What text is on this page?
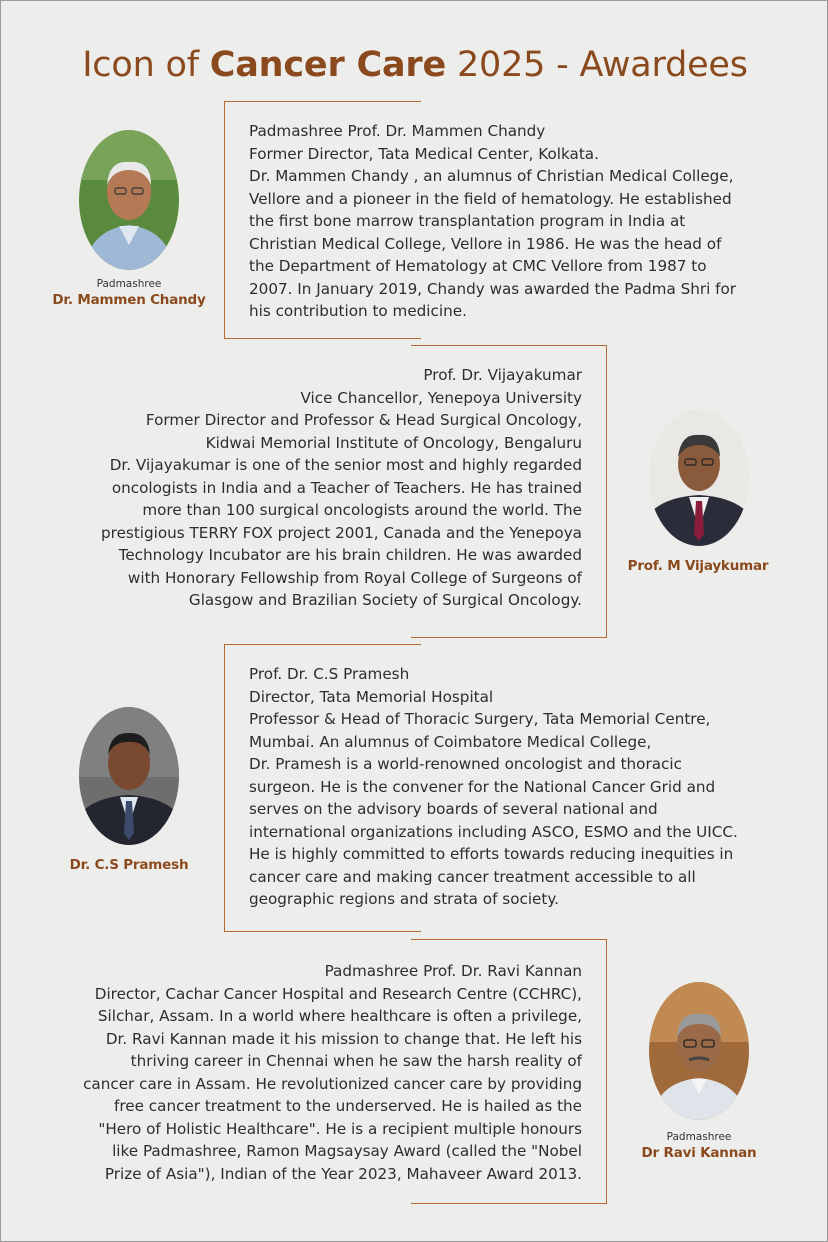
Icon of Cancer Care 2025 - Awardees
Padmashree
Dr. Mammen Chandy
Padmashree Prof. Dr. Mammen Chandy
Former Director, Tata Medical Center, Kolkata.
Dr. Mammen Chandy , an alumnus of Christian Medical College,
Vellore and a pioneer in the field of hematology. He established
the first bone marrow transplantation program in India at
Christian Medical College, Vellore in 1986. He was the head of
the Department of Hematology at CMC Vellore from 1987 to
2007. In January 2019, Chandy was awarded the Padma Shri for
his contribution to medicine.
Prof. M Vijaykumar
Prof. Dr. Vijayakumar
Vice Chancellor, Yenepoya University
Former Director and Professor & Head Surgical Oncology,
Kidwai Memorial Institute of Oncology, Bengaluru
Dr. Vijayakumar is one of the senior most and highly regarded
oncologists in India and a Teacher of Teachers. He has trained
more than 100 surgical oncologists around the world. The
prestigious TERRY FOX project 2001, Canada and the Yenepoya
Technology Incubator are his brain children. He was awarded
with Honorary Fellowship from Royal College of Surgeons of
Glasgow and Brazilian Society of Surgical Oncology.
Dr. C.S Pramesh
Prof. Dr. C.S Pramesh
Director, Tata Memorial Hospital
Professor & Head of Thoracic Surgery, Tata Memorial Centre,
Mumbai. An alumnus of Coimbatore Medical College,
Dr. Pramesh is a world-renowned oncologist and thoracic
surgeon. He is the convener for the National Cancer Grid and
serves on the advisory boards of several national and
international organizations including ASCO, ESMO and the UICC.
He is highly committed to efforts towards reducing inequities in
cancer care and making cancer treatment accessible to all
geographic regions and strata of society.
Padmashree
Dr Ravi Kannan
Padmashree Prof. Dr. Ravi Kannan
Director, Cachar Cancer Hospital and Research Centre (CCHRC),
Silchar, Assam. In a world where healthcare is often a privilege,
Dr. Ravi Kannan made it his mission to change that. He left his
thriving career in Chennai when he saw the harsh reality of
cancer care in Assam. He revolutionized cancer care by providing
free cancer treatment to the underserved. He is hailed as the
"Hero of Holistic Healthcare". He is a recipient multiple honours
like Padmashree, Ramon Magsaysay Award (called the "Nobel
Prize of Asia"), Indian of the Year 2023, Mahaveer Award 2013.
